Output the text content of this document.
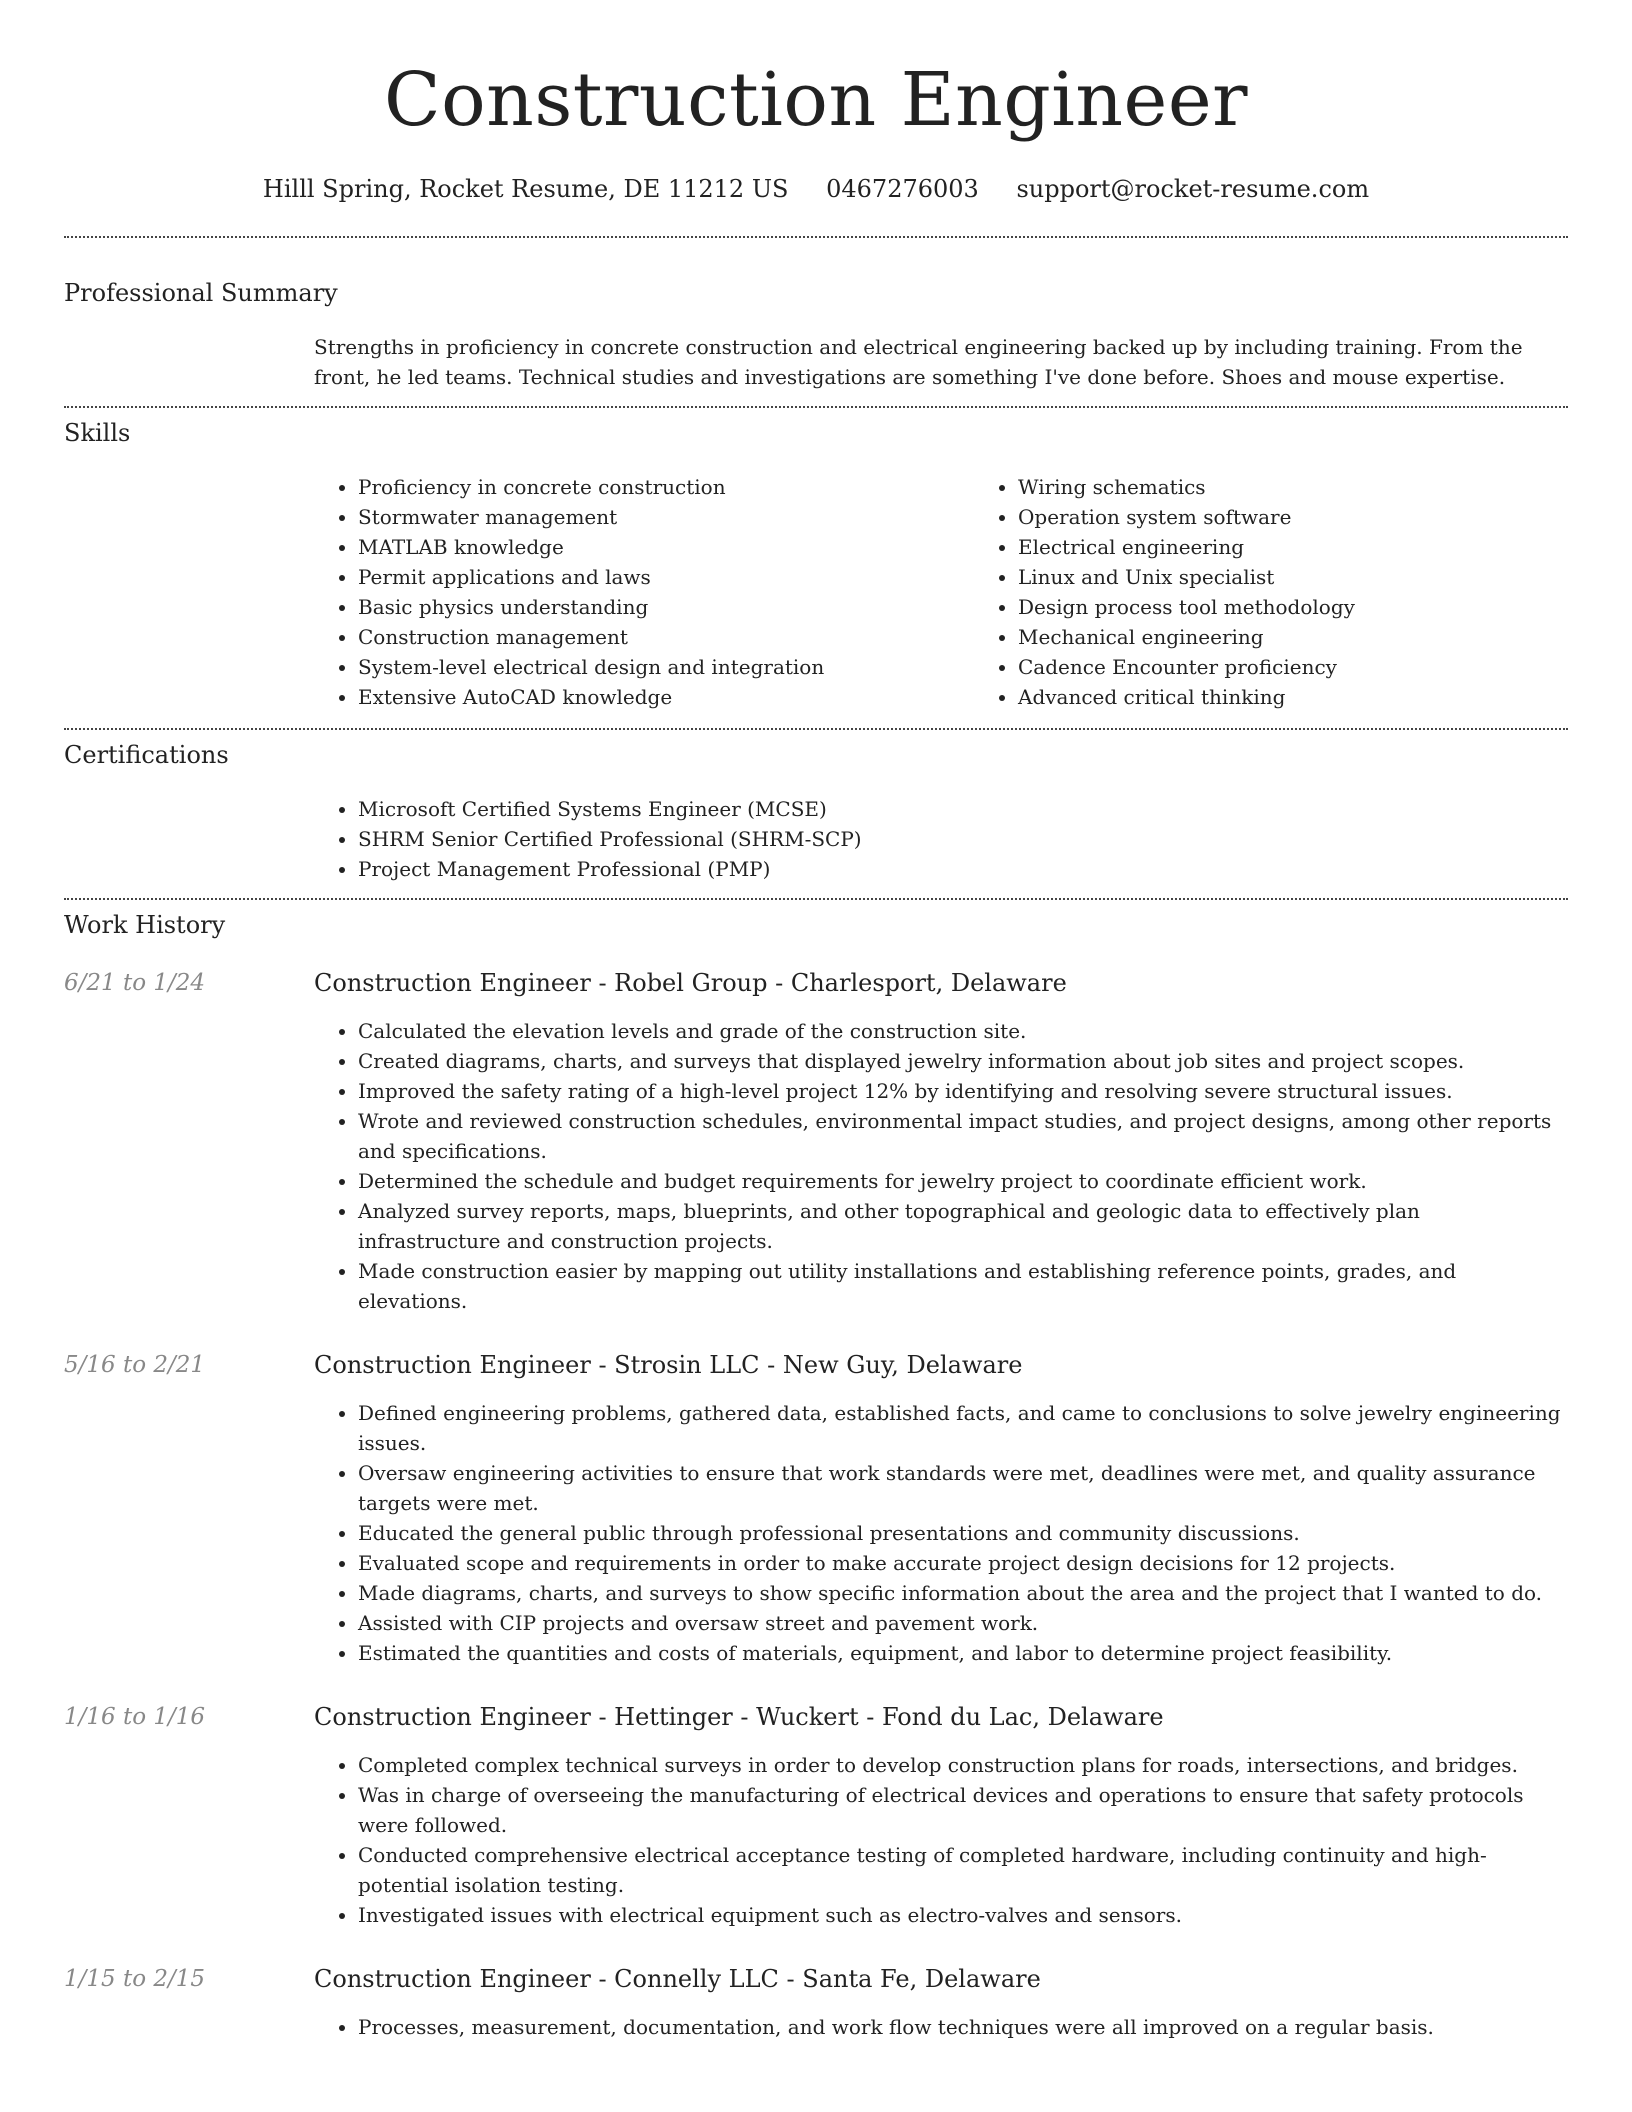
Construction Engineer
Hilll Spring, Rocket Resume, DE 11212 US 0467276003 support@rocket-resume.com
Professional Summary
Strengths in proficiency in concrete construction and electrical engineering backed up by including training. From the front, he led teams. Technical studies and investigations are something I've done before. Shoes and mouse expertise.
Skills
• Proficiency in concrete construction
• Stormwater management
• MATLAB knowledge
• Permit applications and laws
• Basic physics understanding
• Construction management
• System-level electrical design and integration
• Extensive AutoCAD knowledge
• Wiring schematics
• Operation system software
• Electrical engineering
• Linux and Unix specialist
• Design process tool methodology
• Mechanical engineering
• Cadence Encounter proficiency
• Advanced critical thinking
Certifications
• Microsoft Certified Systems Engineer (MCSE)
• SHRM Senior Certified Professional (SHRM-SCP)
• Project Management Professional (PMP)
Work History
6/21 to 1/24	Construction Engineer - Robel Group - Charlesport, Delaware
• Calculated the elevation levels and grade of the construction site.
• Created diagrams, charts, and surveys that displayed jewelry information about job sites and project scopes.
• Improved the safety rating of a high-level project 12% by identifying and resolving severe structural issues.
• Wrote and reviewed construction schedules, environmental impact studies, and project designs, among other reports and specifications.
• Determined the schedule and budget requirements for jewelry project to coordinate efficient work.
• Analyzed survey reports, maps, blueprints, and other topographical and geologic data to effectively plan infrastructure and construction projects.
• Made construction easier by mapping out utility installations and establishing reference points, grades, and elevations.
5/16 to 2/21	Construction Engineer - Strosin LLC - New Guy, Delaware
• Defined engineering problems, gathered data, established facts, and came to conclusions to solve jewelry engineering issues.
• Oversaw engineering activities to ensure that work standards were met, deadlines were met, and quality assurance targets were met.
• Educated the general public through professional presentations and community discussions.
• Evaluated scope and requirements in order to make accurate project design decisions for 12 projects.
• Made diagrams, charts, and surveys to show specific information about the area and the project that I wanted to do.
• Assisted with CIP projects and oversaw street and pavement work.
• Estimated the quantities and costs of materials, equipment, and labor to determine project feasibility.
1/16 to 1/16	Construction Engineer - Hettinger - Wuckert - Fond du Lac, Delaware
• Completed complex technical surveys in order to develop construction plans for roads, intersections, and bridges.
• Was in charge of overseeing the manufacturing of electrical devices and operations to ensure that safety protocols were followed.
• Conducted comprehensive electrical acceptance testing of completed hardware, including continuity and high-potential isolation testing.
• Investigated issues with electrical equipment such as electro-valves and sensors.
1/15 to 2/15	Construction Engineer - Connelly LLC - Santa Fe, Delaware
• Processes, measurement, documentation, and work flow techniques were all improved on a regular basis.
